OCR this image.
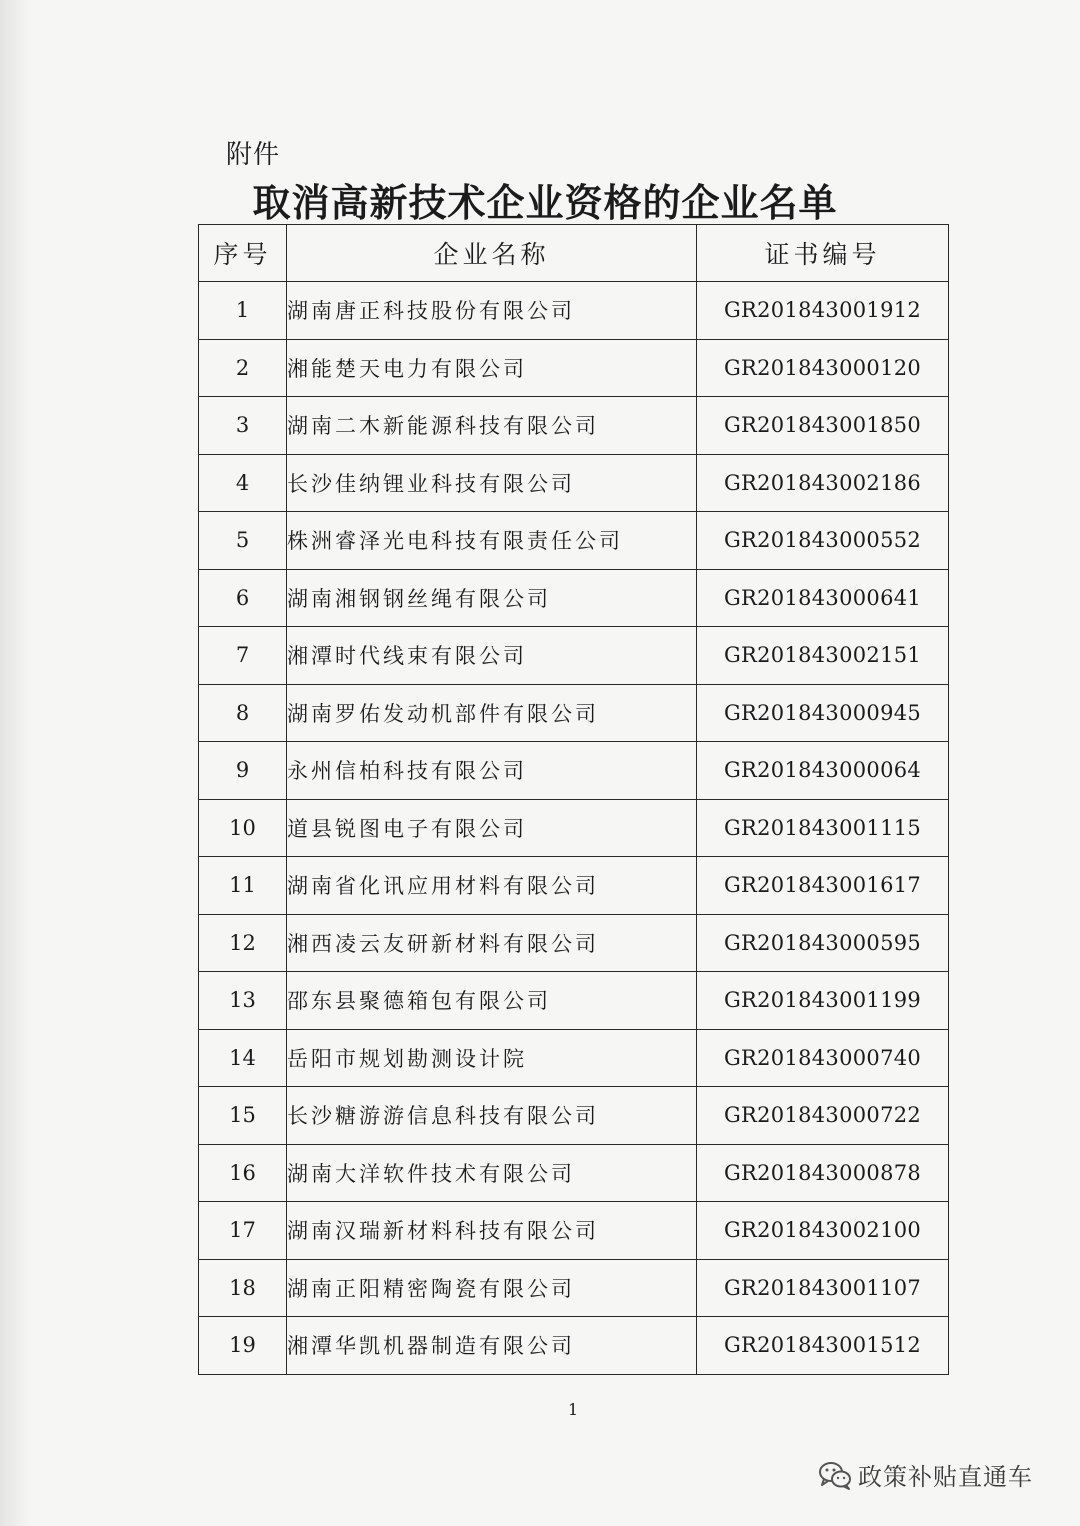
附件
取消高新技术企业资格的企业名单
序号	企业名称	证书编号
1	湖南唐正科技股份有限公司	GR201843001912
2	湘能楚天电力有限公司	GR201843000120
3	湖南二木新能源科技有限公司	GR201843001850
4	长沙佳纳锂业科技有限公司	GR201843002186
5	株洲睿泽光电科技有限责任公司	GR201843000552
6	湖南湘钢钢丝绳有限公司	GR201843000641
7	湘潭时代线束有限公司	GR201843002151
8	湖南罗佑发动机部件有限公司	GR201843000945
9	永州信柏科技有限公司	GR201843000064
10	道县锐图电子有限公司	GR201843001115
11	湖南省化讯应用材料有限公司	GR201843001617
12	湘西凌云友研新材料有限公司	GR201843000595
13	邵东县聚德箱包有限公司	GR201843001199
14	岳阳市规划勘测设计院	GR201843000740
15	长沙糖游游信息科技有限公司	GR201843000722
16	湖南大洋软件技术有限公司	GR201843000878
17	湖南汉瑞新材料科技有限公司	GR201843002100
18	湖南正阳精密陶瓷有限公司	GR201843001107
19	湘潭华凯机器制造有限公司	GR201843001512
1
政策补贴直通车
